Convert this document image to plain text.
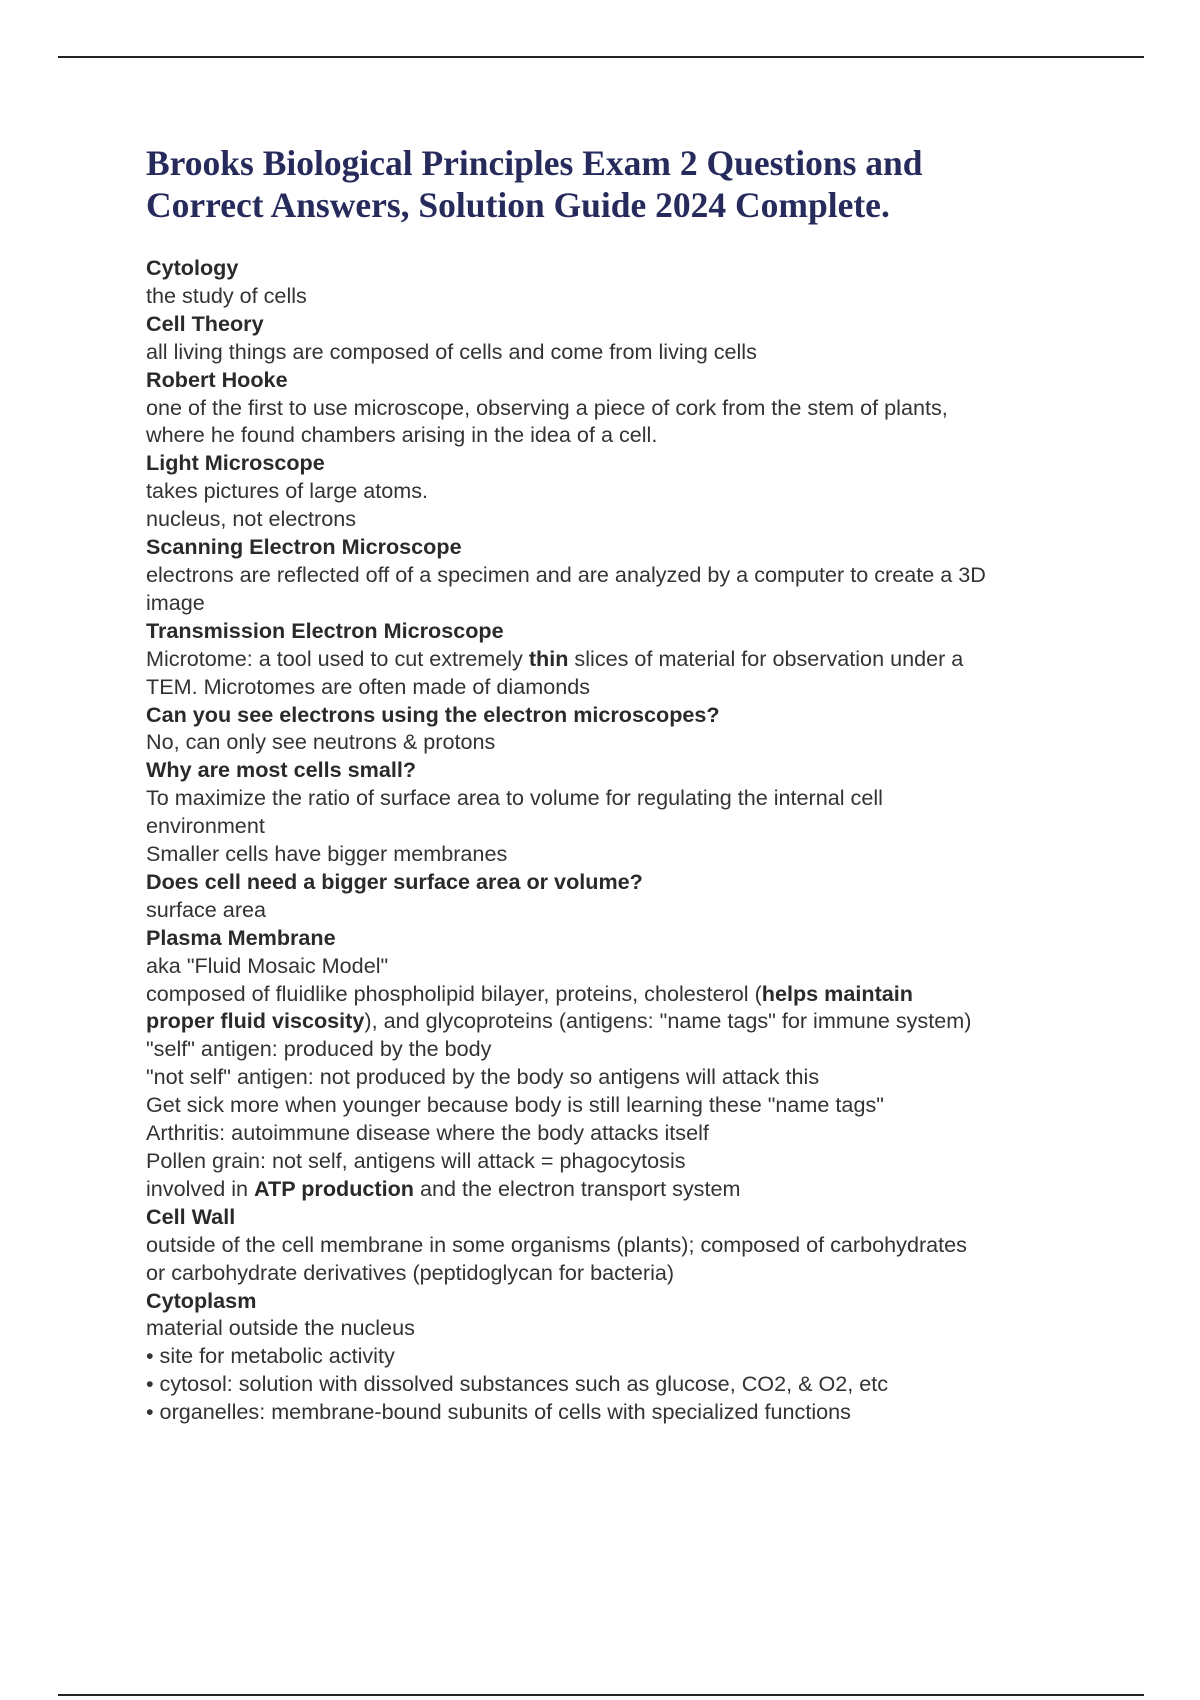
Brooks Biological Principles Exam 2 Questions and
Correct Answers, Solution Guide 2024 Complete.
Cytology
the study of cells
Cell Theory
all living things are composed of cells and come from living cells
Robert Hooke
one of the first to use microscope, observing a piece of cork from the stem of plants,
where he found chambers arising in the idea of a cell.
Light Microscope
takes pictures of large atoms.
nucleus, not electrons
Scanning Electron Microscope
electrons are reflected off of a specimen and are analyzed by a computer to create a 3D
image
Transmission Electron Microscope
Microtome: a tool used to cut extremely thin slices of material for observation under a
TEM. Microtomes are often made of diamonds
Can you see electrons using the electron microscopes?
No, can only see neutrons & protons
Why are most cells small?
To maximize the ratio of surface area to volume for regulating the internal cell
environment
Smaller cells have bigger membranes
Does cell need a bigger surface area or volume?
surface area
Plasma Membrane
aka "Fluid Mosaic Model"
composed of fluidlike phospholipid bilayer, proteins, cholesterol (helps maintain
proper fluid viscosity), and glycoproteins (antigens: "name tags" for immune system)
"self" antigen: produced by the body
"not self" antigen: not produced by the body so antigens will attack this
Get sick more when younger because body is still learning these "name tags"
Arthritis: autoimmune disease where the body attacks itself
Pollen grain: not self, antigens will attack = phagocytosis
involved in ATP production and the electron transport system
Cell Wall
outside of the cell membrane in some organisms (plants); composed of carbohydrates
or carbohydrate derivatives (peptidoglycan for bacteria)
Cytoplasm
material outside the nucleus
• site for metabolic activity
• cytosol: solution with dissolved substances such as glucose, CO2, & O2, etc
• organelles: membrane-bound subunits of cells with specialized functions
